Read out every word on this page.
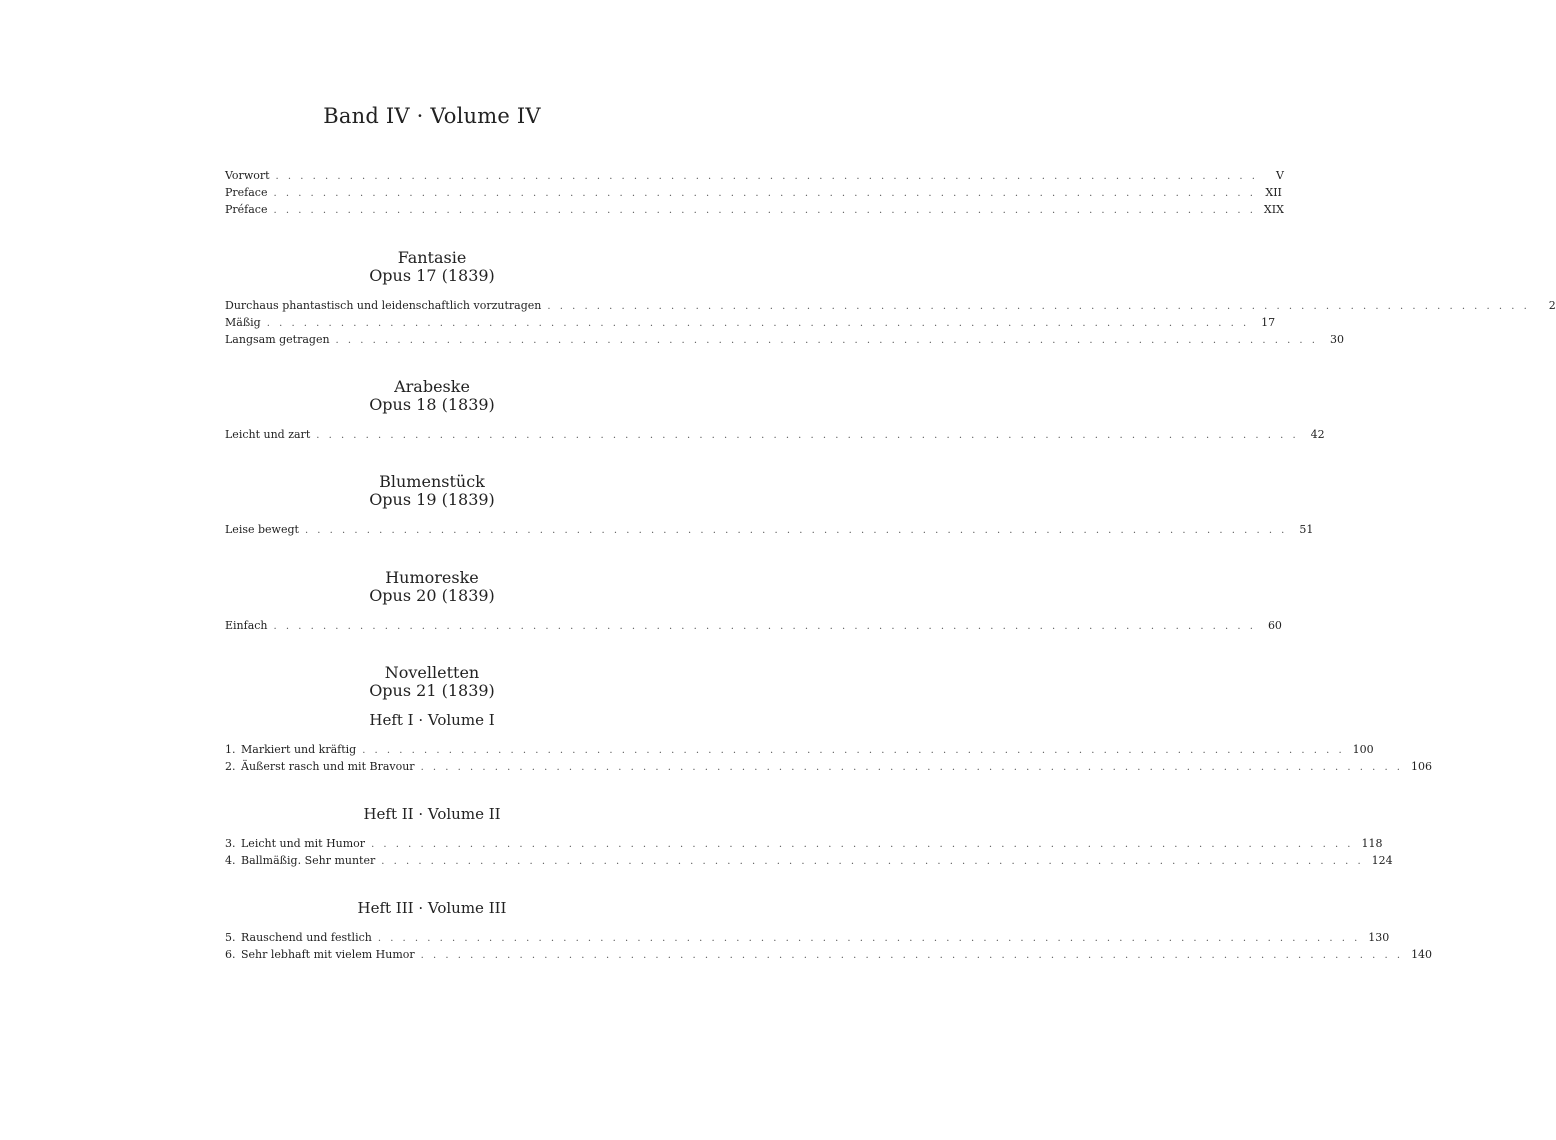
Band IV · Volume IV
Vorwort . . . . . . . . . . . . . . . . . . . . . . . . . . . . . . . . . . . . . . . . . . . . . . . . . . . . . . . . . . . . . . . . . . . . . . . . . . . . . . . .	V
Preface . . . . . . . . . . . . . . . . . . . . . . . . . . . . . . . . . . . . . . . . . . . . . . . . . . . . . . . . . . . . . . . . . . . . . . . . . . . . . . . . XII
Préface . . . . . . . . . . . . . . . . . . . . . . . . . . . . . . . . . . . . . . . . . . . . . . . . . . . . . . . . . . . . . . . . . . . . . . . . . . . . . . . . XIX
Fantasie
Opus 17 (1839)
Durchaus phantastisch und leidenschaftlich vorzutragen . . . . . . . . . . . . . . . . . . . . . . . . . . . . . . . . . . . . . . . . . . . . . . . . . . . . . . . . . . . . . . . . . . . . . . . . . . . . . . . .	2
Mäßig . . . . . . . . . . . . . . . . . . . . . . . . . . . . . . . . . . . . . . . . . . . . . . . . . . . . . . . . . . . . . . . . . . . . . . . . . . . . . . . .	17
Langsam getragen . . . . . . . . . . . . . . . . . . . . . . . . . . . . . . . . . . . . . . . . . . . . . . . . . . . . . . . . . . . . . . . . . . . . . . . . . . . . . . . .	30
Arabeske
Opus 18 (1839)
Leicht und zart . . . . . . . . . . . . . . . . . . . . . . . . . . . . . . . . . . . . . . . . . . . . . . . . . . . . . . . . . . . . . . . . . . . . . . . . . . . . . . . .	42
Blumenstück
Opus 19 (1839)
Leise bewegt . . . . . . . . . . . . . . . . . . . . . . . . . . . . . . . . . . . . . . . . . . . . . . . . . . . . . . . . . . . . . . . . . . . . . . . . . . . . . . . .	51
Humoreske
Opus 20 (1839)
Einfach . . . . . . . . . . . . . . . . . . . . . . . . . . . . . . . . . . . . . . . . . . . . . . . . . . . . . . . . . . . . . . . . . . . . . . . . . . . . . . . .	60
Novelletten
Opus 21 (1839)
Heft I · Volume I
1. Markiert und kräftig . . . . . . . . . . . . . . . . . . . . . . . . . . . . . . . . . . . . . . . . . . . . . . . . . . . . . . . . . . . . . . . . . . . . . . . . . . . . . . . . 100
2. Äußerst rasch und mit Bravour . . . . . . . . . . . . . . . . . . . . . . . . . . . . . . . . . . . . . . . . . . . . . . . . . . . . . . . . . . . . . . . . . . . . . . . . . . . . . . . . 106
Heft II · Volume II
3. Leicht und mit Humor . . . . . . . . . . . . . . . . . . . . . . . . . . . . . . . . . . . . . . . . . . . . . . . . . . . . . . . . . . . . . . . . . . . . . . . . . . . . . . . . 118
4. Ballmäßig. Sehr munter . . . . . . . . . . . . . . . . . . . . . . . . . . . . . . . . . . . . . . . . . . . . . . . . . . . . . . . . . . . . . . . . . . . . . . . . . . . . . . . . 124
Heft III · Volume III
5. Rauschend und festlich . . . . . . . . . . . . . . . . . . . . . . . . . . . . . . . . . . . . . . . . . . . . . . . . . . . . . . . . . . . . . . . . . . . . . . . . . . . . . . . . 130
6. Sehr lebhaft mit vielem Humor . . . . . . . . . . . . . . . . . . . . . . . . . . . . . . . . . . . . . . . . . . . . . . . . . . . . . . . . . . . . . . . . . . . . . . . . . . . . . . . . 140
